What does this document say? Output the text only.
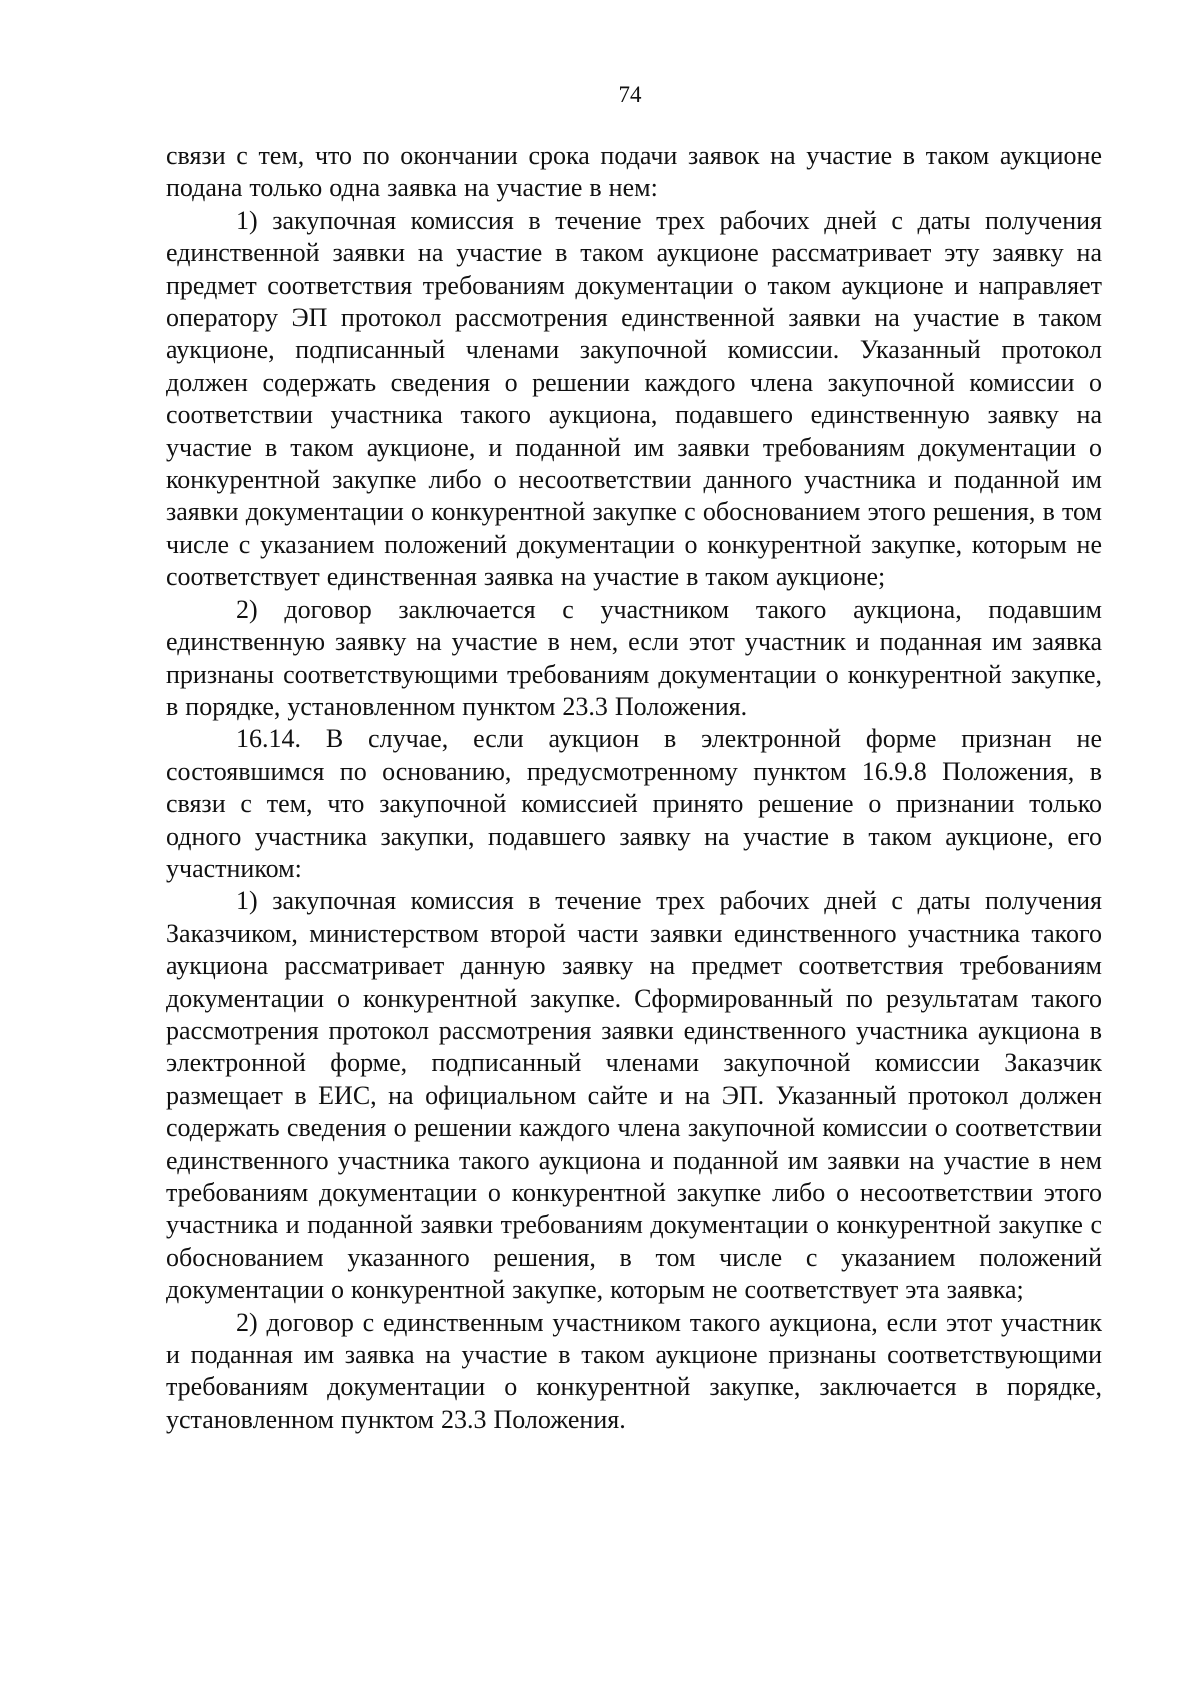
74

связи с тем, что по окончании срока подачи заявок на участие в таком аукционе подана только одна заявка на участие в нем:

1) закупочная комиссия в течение трех рабочих дней с даты получения единственной заявки на участие в таком аукционе рассматривает эту заявку на предмет соответствия требованиям документации о таком аукционе и направляет оператору ЭП протокол рассмотрения единственной заявки на участие в таком аукционе, подписанный членами закупочной комиссии. Указанный протокол должен содержать сведения о решении каждого члена закупочной комиссии о соответствии участника такого аукциона, подавшего единственную заявку на участие в таком аукционе, и поданной им заявки требованиям документации о конкурентной закупке либо о несоответствии данного участника и поданной им заявки документации о конкурентной закупке с обоснованием этого решения, в том числе с указанием положений документации о конкурентной закупке, которым не соответствует единственная заявка на участие в таком аукционе;

2) договор заключается с участником такого аукциона, подавшим единственную заявку на участие в нем, если этот участник и поданная им заявка признаны соответствующими требованиям документации о конкурентной закупке, в порядке, установленном пунктом 23.3 Положения.

16.14. В случае, если аукцион в электронной форме признан не состоявшимся по основанию, предусмотренному пунктом 16.9.8 Положения, в связи с тем, что закупочной комиссией принято решение о признании только одного участника закупки, подавшего заявку на участие в таком аукционе, его участником:

1) закупочная комиссия в течение трех рабочих дней с даты получения Заказчиком, министерством второй части заявки единственного участника такого аукциона рассматривает данную заявку на предмет соответствия требованиям документации о конкурентной закупке. Сформированный по результатам такого рассмотрения протокол рассмотрения заявки единственного участника аукциона в электронной форме, подписанный членами закупочной комиссии Заказчик размещает в ЕИС, на официальном сайте и на ЭП. Указанный протокол должен содержать сведения о решении каждого члена закупочной комиссии о соответствии единственного участника такого аукциона и поданной им заявки на участие в нем требованиям документации о конкурентной закупке либо о несоответствии этого участника и поданной заявки требованиям документации о конкурентной закупке с обоснованием указанного решения, в том числе с указанием положений документации о конкурентной закупке, которым не соответствует эта заявка;

2) договор с единственным участником такого аукциона, если этот участник и поданная им заявка на участие в таком аукционе признаны соответствующими требованиям документации о конкурентной закупке, заключается в порядке, установленном пунктом 23.3 Положения.
